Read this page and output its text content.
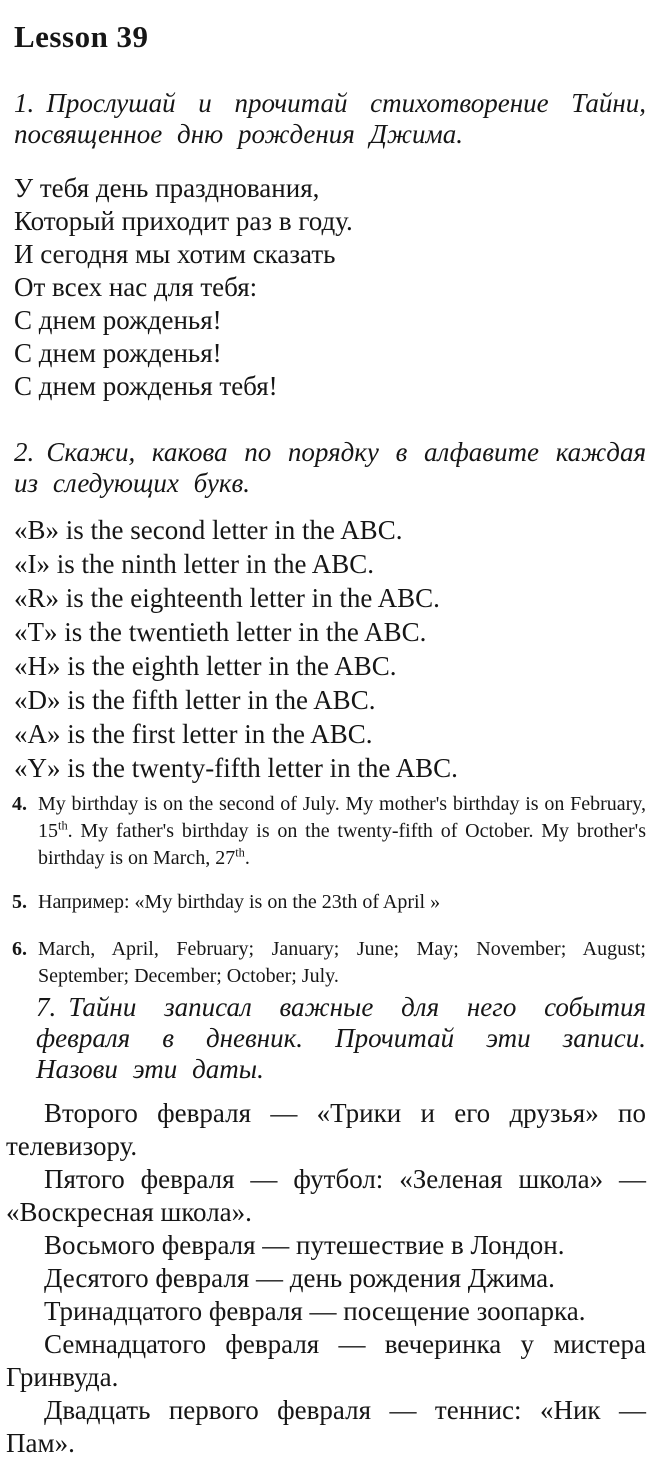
Lesson 39

1. Прослушай и прочитай стихотворение Тайни, посвященное дню рождения Джима.

У тебя день празднования,
Который приходит раз в году.
И сегодня мы хотим сказать
От всех нас для тебя:
С днем рожденья!
С днем рожденья!
С днем рожденья тебя!

2. Скажи, какова по порядку в алфавите каждая из следующих букв.

«B» is the second letter in the ABC.
«I» is the ninth letter in the ABC.
«R» is the eighteenth letter in the ABC.
«T» is the twentieth letter in the ABC.
«H» is the eighth letter in the ABC.
«D» is the fifth letter in the ABC.
«A» is the first letter in the ABC.
«Y» is the twenty-fifth letter in the ABC.
4. My birthday is on the second of July. My mother's birthday is on February, 15th. My father's birthday is on the twenty-fifth of October. My brother's birthday is on March, 27th.
5. Например: «My birthday is on the 23th of April »
6. March, April, February; January; June; May; November; August; September; December; October; July.

7. Тайни записал важные для него события февраля в дневник. Прочитай эти записи. Назови эти даты.

Второго февраля — «Трики и его друзья» по телевизору.

Пятого февраля — футбол: «Зеленая школа» — «Воскресная школа».

Восьмого февраля — путешествие в Лондон.

Десятого февраля — день рождения Джима.

Тринадцатого февраля — посещение зоопарка.

Семнадцатого февраля — вечеринка у мистера Гринвуда.

Двадцать первого февраля — теннис: «Ник — Пам».
